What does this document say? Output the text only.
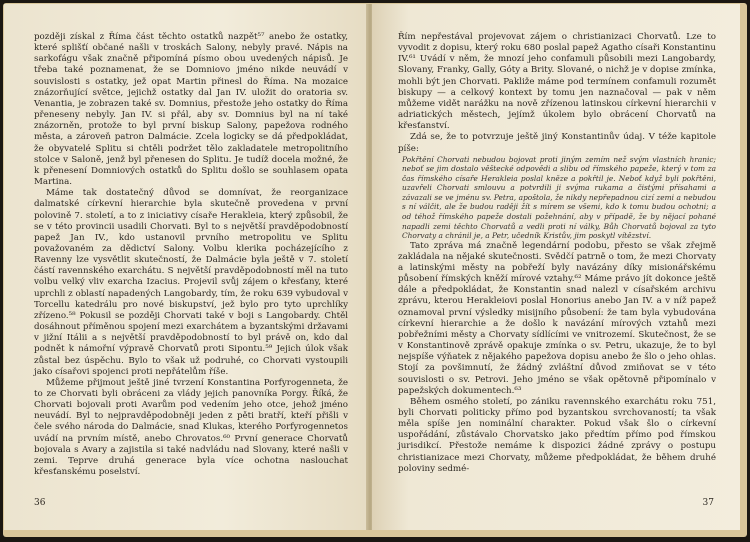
později získal z Říma část těchto ostatků nazpět⁵⁷ anebo že ostatky, které splišťí občané našli v troskách Salony, nebyly pravé. Nápis na sarkofágu však značně připomíná písmo obou uvedených nápisů. Je třeba také poznamenat, že se Domniovo jméno nikde neuvádí v souvislosti s ostatky, jež opat Martin přinesl do Říma. Na mozaice znázorňující světce, jejichž ostatky dal Jan IV. uložit do oratoria sv. Venantia, je zobrazen také sv. Domnius, přestože jeho ostatky do Říma přeneseny nebyly. Jan IV. si přál, aby sv. Domnius byl na ní také znázorněn, protože to byl první biskup Salony, papežova rodného města, a zároveň patron Dalmácie. Zcela logicky se dá předpokládat, že obyvatelé Splitu si chtěli podržet tělo zakladatele metropolitního stolce v Saloně, jenž byl přenesen do Splitu. Je tudíž docela možné, že k přenesení Domniových ostatků do Splitu došlo se souhlasem opata Martina.

Máme tak dostatečný důvod se domnívat, že reorganizace dalmatské církevní hierarchie byla skutečně provedena v první polovině 7. století, a to z iniciativy císaře Herakleia, který způsobil, že se v této provincii usadili Chorvati. Byl to s největší pravděpodobností papež Jan IV., kdo ustanovil prvního metropolitu ve Splitu považovaném za dědictví Salony. Volbu klerika pocházejícího z Ravenny lze vysvětlit skutečností, že Dalmácie byla ještě v 7. století částí ravennského exarchátu. S největší pravděpodobností měl na tuto volbu velký vliv exarcha Izacius. Projevil svůj zájem o křesťany, které uprchli z oblastí napadených Langobardy, tím, že roku 639 vybudoval v Torcellu katedrálu pro nové biskupství, jež bylo pro tyto uprchlíky zřízeno.⁵⁸ Pokusil se později Chorvati také v boji s Langobardy. Chtěl dosáhnout příměnou spojení mezi exarchátem a byzantskými državami v jižní Itálii a s největší pravděpodobností to byl právě on, kdo dal podnět k námořní výpravě Chorvatů proti Sipontu.⁵⁹ Jejich úlok však zůstal bez úspěchu. Bylo to však už podruhé, co Chorvati vystoupili jako císařovi spojenci proti nepřátelům říše.

Můžeme přijmout ještě jiné tvrzení Konstantina Porfyrogenneta, že to ze Chorvati byli obráceni za vlády jejich panovníka Porgy. Říká, že Chorvati bojovali proti Avarům pod vedením jeho otce, jehož jméno neuvádí. Byl to nejpravděpodobněji jeden z pěti bratří, kteří přišli v čele svého národa do Dalmácie, snad Klukas, kterého Porfyrogennetos uvádí na prvním místě, anebo Chrovatos.⁶⁰ První generace Chorvatů bojovala s Avary a zajistila si také nadvládu nad Slovany, které našli v zemi. Teprve druhá generace byla více ochotna naslouchat křesťanskému poselství.

36

Řím nepřestával projevovat zájem o christianizaci Chorvatů. Lze to vyvodit z dopisu, který roku 680 poslal papež Agatho císaři Konstantinu IV.⁶¹ Uvádí v něm, že mnozí jeho confamuli působili mezi Langobardy, Slovany, Franky, Gally, Góty a Brity. Slované, o nichž je v dopise zmínka, mohli být jen Chorvati. Pakliže máme pod termínem confamuli rozumět biskupy — a celkový kontext by tomu jen naznačoval — pak v něm můžeme vidět narážku na nově zřízenou latinskou církevní hierarchii v adriatických městech, jejímž úkolem bylo obrácení Chorvatů na křesťanství.

Zdá se, že to potvrzuje ještě jiný Konstantinův údaj. V téže kapitole píše:

Pokřtění Chorvati nebudou bojovat proti jiným zemím než svým vlastních hranic; neboť se jim dostalo věštecké odpovědi a slibu od římského papeže, který v tom za čas římského císaře Herakleia poslal kněze a pokřtil je. Neboť když byli pokřtěni, uzavřeli Chorvati smlouvu a potvrdili ji svýma rukama a čistými přísahami a závazali se ve jménu sv. Petra, apoštola, že nikdy nepřepadnou cizí zemi a nebudou s ní válčit, ale že budou raději žít s mírem se všemi, kdo k tomu budou ochotni; a od téhož římského papeže dostali požehnání, aby v případě, že by nějací pohané napadli zemi těchto Chorvatů a vedli proti ní války, Bůh Chorvatů bojoval za tyto Chorvaty a chránil je, a Petr, učedník Kristův, jim poskytl vítězství.

Tato zpráva má značně legendární podobu, přesto se však zřejmě zakládala na nějaké skutečnosti. Svědčí patrně o tom, že mezi Chorvaty a latinskými městy na pobřeží byly navázány díky misionářskému působení římských kněží mírové vztahy.⁶² Máme právo jít dokonce ještě dále a předpokládat, že Konstantin snad nalezl v císařském archivu zprávu, kterou Herakleiovi poslal Honorius anebo Jan IV. a v níž papež oznamoval první výsledky misijního působení: že tam byla vybudována církevní hierarchie a že došlo k navázání mírových vztahů mezi pobřežními městy a Chorvaty sídlícími ve vnitrozemí. Skutečnost, že se v Konstantinově zprávě opakuje zmínka o sv. Petru, ukazuje, že to byl nejspíše výňatek z nějakého papežova dopisu anebo že šlo o jeho ohlas. Stojí za povšimnutí, že žádný zvláštní důvod zmiňovat se v této souvislosti o sv. Petrovi. Jeho jméno se však opětovně připomínalo v papežských dokumentech.⁶³

Během osmého století, po zániku ravennského exarchátu roku 751, byli Chorvati politicky přímo pod byzantskou svrchovaností; ta však měla spíše jen nominální charakter. Pokud však šlo o církevní uspořádání, zůstávalo Chorvatsko jako předtím přímo pod římskou jurisdikcí. Přestože nemáme k dispozici žádné zprávy o postupu christianizace mezi Chorvaty, můžeme předpokládat, že během druhé poloviny sedmé-

37
